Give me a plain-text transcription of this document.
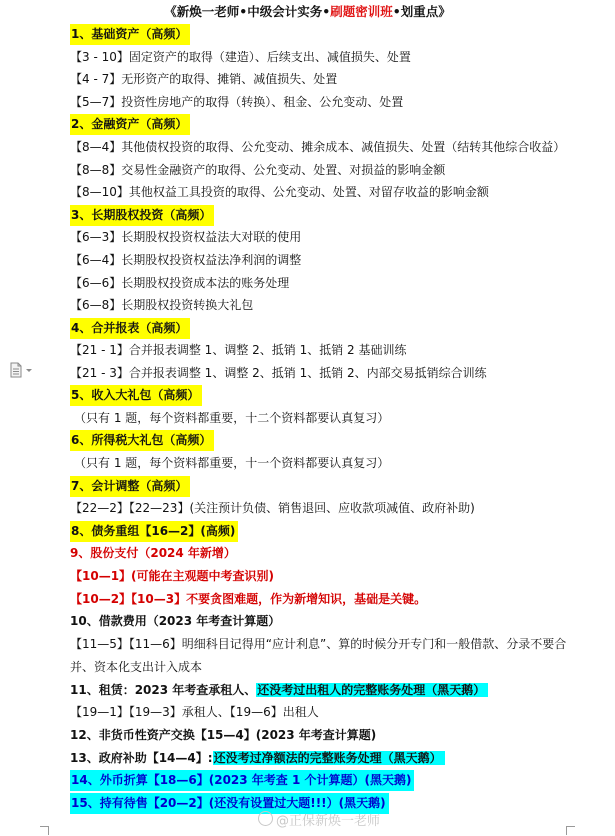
《新焕一老师•中级会计实务•刷题密训班•划重点》
1、基础资产（高频）
【3 - 10】固定资产的取得（建造）、后续支出、减值损失、处置
【4 - 7】无形资产的取得、摊销、减值损失、处置
【5—7】投资性房地产的取得（转换）、租金、公允变动、处置
2、金融资产（高频）
【8—4】其他债权投资的取得、公允变动、摊余成本、减值损失、处置（结转其他综合收益）
【8—8】交易性金融资产的取得、公允变动、处置、对损益的影响金额
【8—10】其他权益工具投资的取得、公允变动、处置、对留存收益的影响金额
3、长期股权投资（高频）
【6—3】长期股权投资权益法大对联的使用
【6—4】长期股权投资权益法净利润的调整
【6—6】长期股权投资成本法的账务处理
【6—8】长期股权投资转换大礼包
4、合并报表（高频）
【21 - 1】合并报表调整 1、调整 2、抵销 1、抵销 2 基础训练
【21 - 3】合并报表调整 1、调整 2、抵销 1、抵销 2、内部交易抵销综合训练
5、收入大礼包（高频）
（只有 1 题，每个资料都重要，十二个资料都要认真复习）
6、所得税大礼包（高频）
（只有 1 题，每个资料都重要，十一个资料都要认真复习）
7、会计调整（高频）
【22—2】【22—23】(关注预计负债、销售退回、应收款项减值、政府补助)
8、债务重组【16—2】(高频)
9、股份支付（2024 年新增）
【10—1】(可能在主观题中考查识别)
【10—2】【10—3】不要贪图难题，作为新增知识，基础是关键。
10、借款费用（2023 年考查计算题）
【11—5】【11—6】明细科目记得用“应计利息”、算的时候分开专门和一般借款、分录不要合
并、资本化支出计入成本
11、租赁：2023 年考查承租人、还没考过出租人的完整账务处理（黑天鹅）
【19—1】【19—3】承租人、【19—6】出租人
12、非货币性资产交换【15—4】(2023 年考查计算题)
13、政府补助【14—4】:还没考过净额法的完整账务处理（黑天鹅）
14、外币折算【18—6】(2023 年考查 1 个计算题）(黑天鹅)
15、持有待售【20—2】(还没有设置过大题!!!）(黑天鹅)
@正保新焕一老师
